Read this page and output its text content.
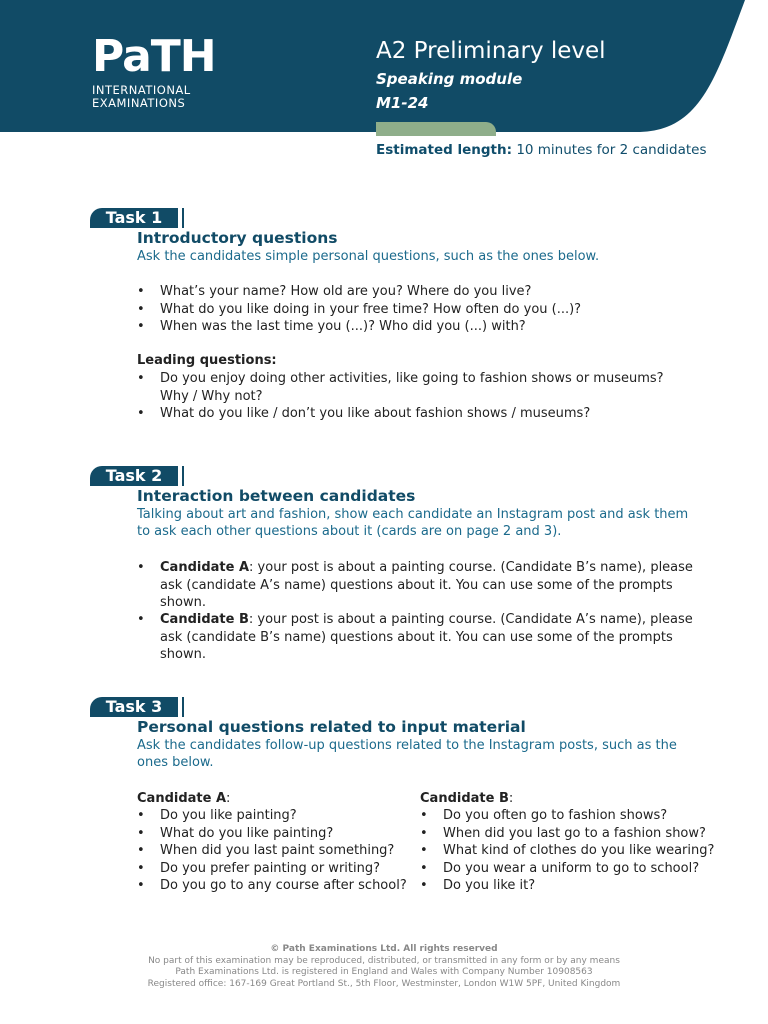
PaTH
INTERNATIONAL
EXAMINATIONS
A2 Preliminary level
Speaking module
M1-24
Estimated length: 10 minutes for 2 candidates
Task 1
Introductory questions
Ask the candidates simple personal questions, such as the ones below.
• What’s your name? How old are you? Where do you live?
• What do you like doing in your free time? How often do you (...)?
• When was the last time you (...)? Who did you (...) with?
Leading questions:
• Do you enjoy doing other activities, like going to fashion shows or museums? Why / Why not?
• What do you like / don’t you like about fashion shows / museums?
Task 2
Interaction between candidates
Talking about art and fashion, show each candidate an Instagram post and ask them to ask each other questions about it (cards are on page 2 and 3).
• Candidate A: your post is about a painting course. (Candidate B’s name), please ask (candidate A’s name) questions about it. You can use some of the prompts shown.
• Candidate B: your post is about a painting course. (Candidate A’s name), please ask (candidate B’s name) questions about it. You can use some of the prompts shown.
Task 3
Personal questions related to input material
Ask the candidates follow-up questions related to the Instagram posts, such as the ones below.
Candidate A:
• Do you like painting?
• What do you like painting?
• When did you last paint something?
• Do you prefer painting or writing?
• Do you go to any course after school?
Candidate B:
• Do you often go to fashion shows?
• When did you last go to a fashion show?
• What kind of clothes do you like wearing?
• Do you wear a uniform to go to school?
• Do you like it?
© Path Examinations Ltd. All rights reserved
No part of this examination may be reproduced, distributed, or transmitted in any form or by any means
Path Examinations Ltd. is registered in England and Wales with Company Number 10908563
Registered office: 167-169 Great Portland St., 5th Floor, Westminster, London W1W 5PF, United Kingdom
